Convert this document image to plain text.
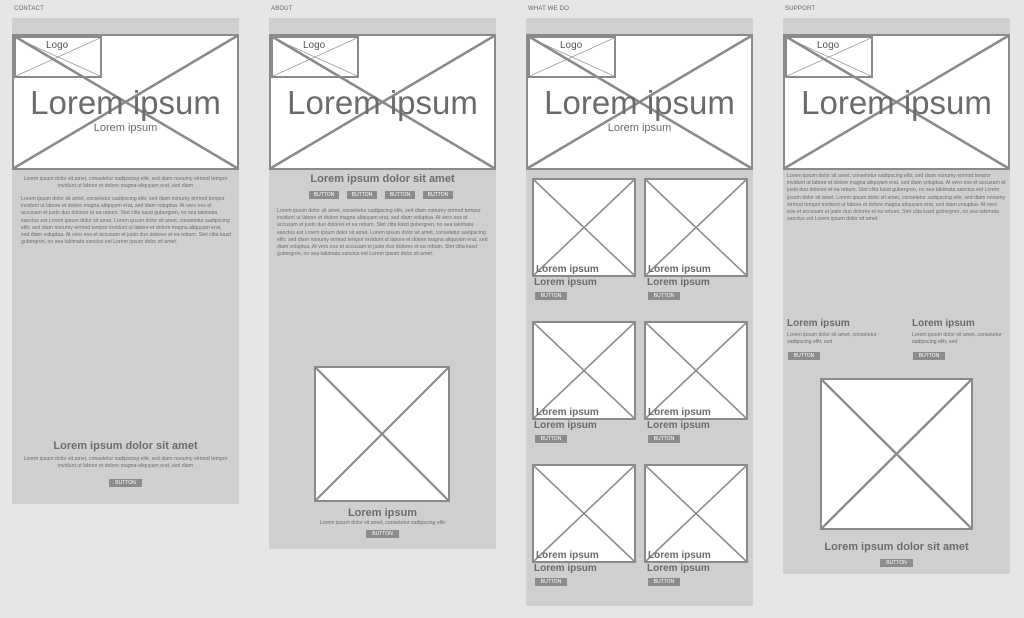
CONTACT	ABOUT	WHAT WE DO	SUPPORT
Logo
Lorem ipsum
Lorem ipsum
Lorem ipsum dolor sit amet, consetetur sadipscing elitr, sed diam nonumy eirmod tempor invidunt ut labore et dolore magna aliquyam erat, sed diam
Lorem ipsum dolor sit amet, consetetur sadipscing elitr, sed diam nonumy eirmod tempor invidunt ut labore et dolore magna aliquyam erat, sed diam voluptua. At vero eos et accusam et justo duo dolores et ea rebum. Stet clita kasd gubergren, no sea takimata sanctus est Lorem ipsum dolor sit amet. Lorem ipsum dolor sit amet, consetetur sadipscing elitr, sed diam nonumy eirmod tempor invidunt ut labore et dolore magna aliquyam erat, sed diam voluptua. At vero eos et accusam et justo duo dolores et ea rebum. Stet clita kasd gubergren, no sea takimata sanctus est Lorem ipsum dolor sit amet.
Lorem ipsum dolor sit amet
Lorem ipsum dolor sit amet, consetetur sadipscing elitr, sed diam nonumy eirmod tempor invidunt ut labore et dolore magna aliquyam erat, sed diam
BUTTON
Logo
Lorem ipsum
Lorem ipsum dolor sit amet
BUTTON	BUTTON	BUTTON	BUTTON
Lorem ipsum dolor sit amet, consetetur sadipscing elitr, sed diam nonumy eirmod tempor invidunt ut labore et dolore magna aliquyam erat, sed diam voluptua. At vero eos et accusam et justo duo dolores et ea rebum. Stet clita kasd gubergren, no sea takimata sanctus est Lorem ipsum dolor sit amet. Lorem ipsum dolor sit amet, consetetur sadipscing elitr, sed diam nonumy eirmod tempor invidunt ut labore et dolore magna aliquyam erat, sed diam voluptua. At vero eos et accusam et justo duo dolores et ea rebum. Stet clita kasd gubergren, no sea takimata sanctus est Lorem ipsum dolor sit amet.
Lorem ipsum
Lorem ipsum dolor sit amet, consetetur sadipscing elitr
BUTTON
Logo
Lorem ipsum
Lorem ipsum
Lorem ipsum
Lorem ipsum
BUTTON
Lorem ipsum
Lorem ipsum
BUTTON
Lorem ipsum
Lorem ipsum
BUTTON
Lorem ipsum
Lorem ipsum
BUTTON
Lorem ipsum
Lorem ipsum
BUTTON
Lorem ipsum
Lorem ipsum
BUTTON
Logo
Lorem ipsum
Lorem ipsum dolor sit amet, consetetur sadipscing elitr, sed diam nonumy eirmod tempor invidunt ut labore et dolore magna aliquyam erat, sed diam voluptua. At vero eos et accusam et justo duo dolores et ea rebum. Stet clita kasd gubergren, no sea takimata sanctus est Lorem ipsum dolor sit amet. Lorem ipsum dolor sit amet, consetetur sadipscing elitr, sed diam nonumy eirmod tempor invidunt ut labore et dolore magna aliquyam erat, sed diam voluptua. At vero eos et accusam et justo duo dolores et ea rebum. Stet clita kasd gubergren, no sea takimata sanctus est Lorem ipsum dolor sit amet.
Lorem ipsum
Lorem ipsum dolor sit amet, consetetur sadipscing elitr, sed
BUTTON
Lorem ipsum
Lorem ipsum dolor sit amet, consetetur sadipscing elitr, sed
BUTTON
Lorem ipsum dolor sit amet
BUTTON
